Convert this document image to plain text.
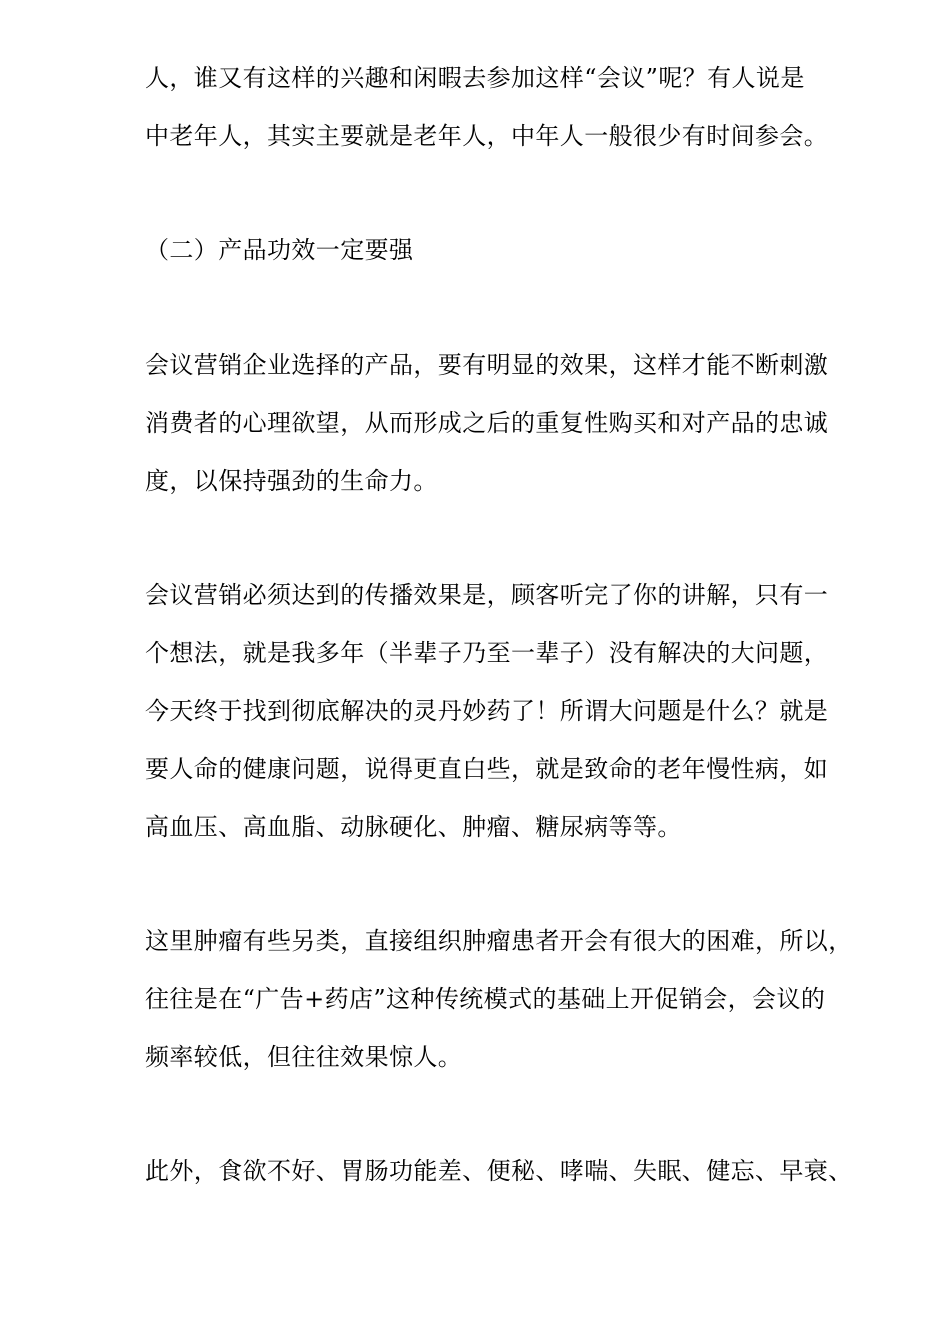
人，谁又有这样的兴趣和闲暇去参加这样“会议”呢？有人说是

中老年人，其实主要就是老年人，中年人一般很少有时间参会。

（二）产品功效一定要强

会议营销企业选择的产品，要有明显的效果，这样才能不断刺激

消费者的心理欲望，从而形成之后的重复性购买和对产品的忠诚

度，以保持强劲的生命力。

会议营销必须达到的传播效果是，顾客听完了你的讲解，只有一

个想法，就是我多年（半辈子乃至一辈子）没有解决的大问题，

今天终于找到彻底解决的灵丹妙药了！所谓大问题是什么？就是

要人命的健康问题，说得更直白些，就是致命的老年慢性病，如

高血压、高血脂、动脉硬化、肿瘤、糖尿病等等。

这里肿瘤有些另类，直接组织肿瘤患者开会有很大的困难，所以，

往往是在“广告+药店”这种传统模式的基础上开促销会，会议的

频率较低，但往往效果惊人。

此外，食欲不好、胃肠功能差、便秘、哮喘、失眠、健忘、早衰、
